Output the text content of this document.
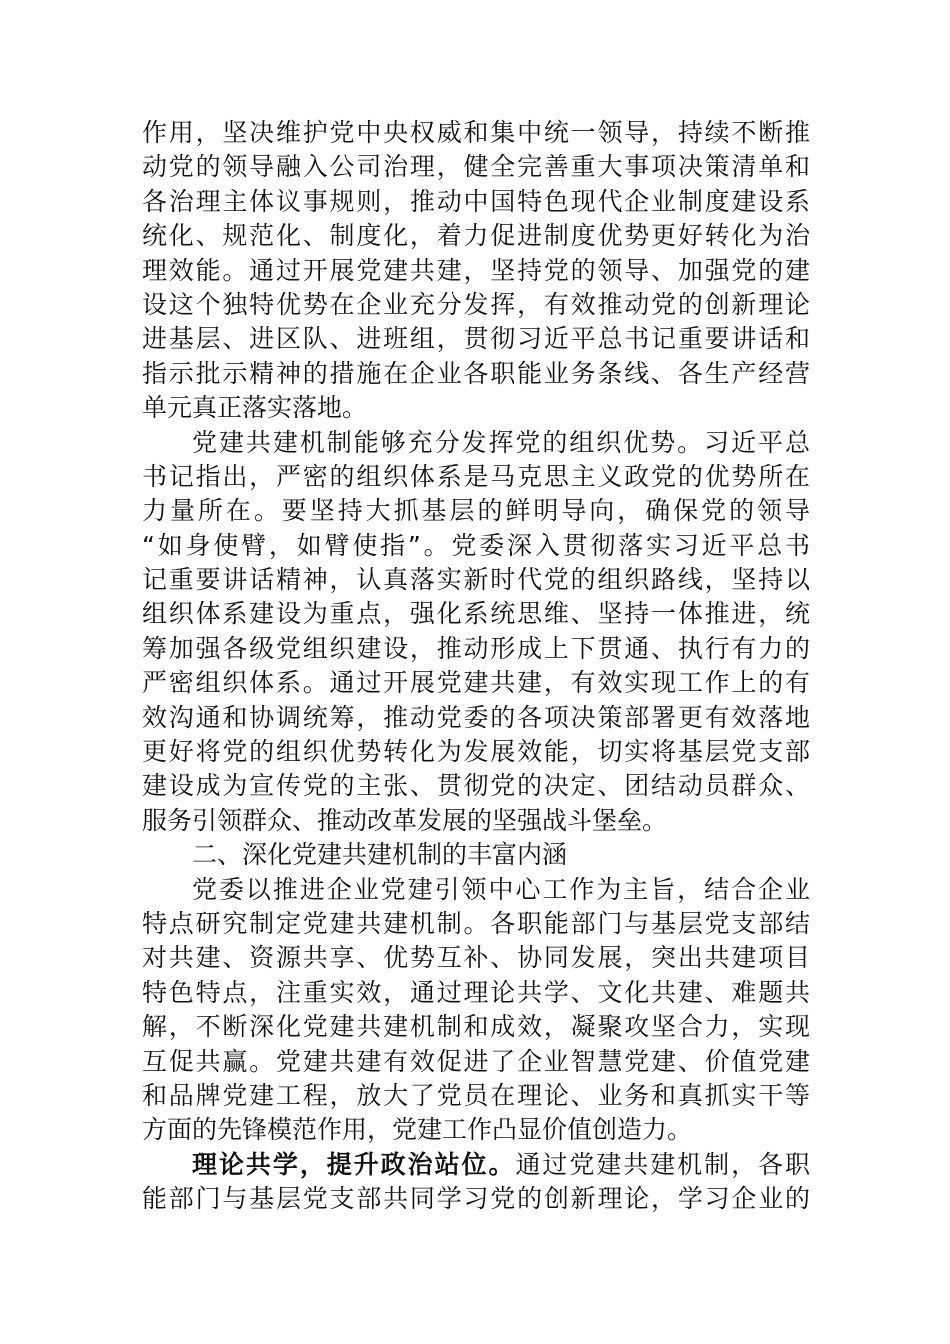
作用，坚决维护党中央权威和集中统一领导，持续不断推
动党的领导融入公司治理，健全完善重大事项决策清单和
各治理主体议事规则，推动中国特色现代企业制度建设系
统化、规范化、制度化，着力促进制度优势更好转化为治
理效能。通过开展党建共建，坚持党的领导、加强党的建
设这个独特优势在企业充分发挥，有效推动党的创新理论
进基层、进区队、进班组，贯彻习近平总书记重要讲话和
指示批示精神的措施在企业各职能业务条线、各生产经营
单元真正落实落地。
党建共建机制能够充分发挥党的组织优势。习近平总
书记指出，严密的组织体系是马克思主义政党的优势所在
力量所在。要坚持大抓基层的鲜明导向，确保党的领导
“如身使臂，如臂使指”。党委深入贯彻落实习近平总书
记重要讲话精神，认真落实新时代党的组织路线，坚持以
组织体系建设为重点，强化系统思维、坚持一体推进，统
筹加强各级党组织建设，推动形成上下贯通、执行有力的
严密组织体系。通过开展党建共建，有效实现工作上的有
效沟通和协调统筹，推动党委的各项决策部署更有效落地
更好将党的组织优势转化为发展效能，切实将基层党支部
建设成为宣传党的主张、贯彻党的决定、团结动员群众、
服务引领群众、推动改革发展的坚强战斗堡垒。
二、深化党建共建机制的丰富内涵
党委以推进企业党建引领中心工作为主旨，结合企业
特点研究制定党建共建机制。各职能部门与基层党支部结
对共建、资源共享、优势互补、协同发展，突出共建项目
特色特点，注重实效，通过理论共学、文化共建、难题共
解，不断深化党建共建机制和成效，凝聚攻坚合力，实现
互促共赢。党建共建有效促进了企业智慧党建、价值党建
和品牌党建工程，放大了党员在理论、业务和真抓实干等
方面的先锋模范作用，党建工作凸显价值创造力。
理论共学，提升政治站位。通过党建共建机制，各职
能部门与基层党支部共同学习党的创新理论，学习企业的
